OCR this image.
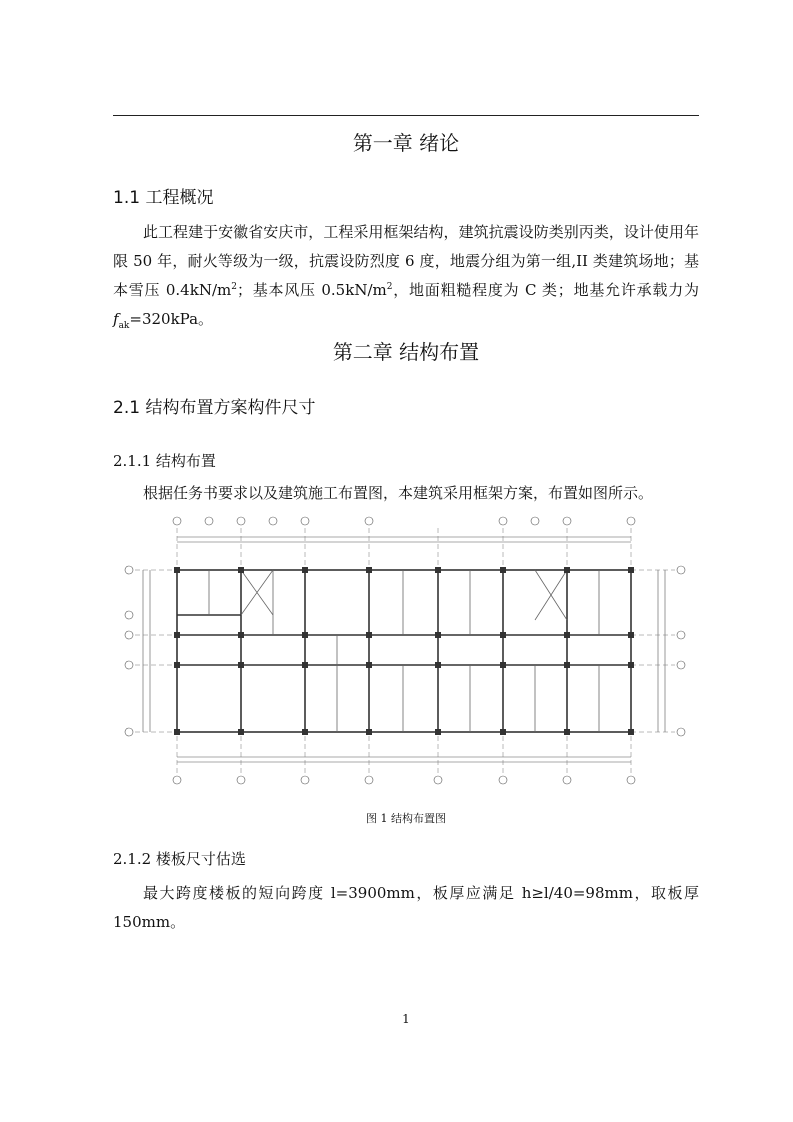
第一章 绪论
1.1 工程概况
此工程建于安徽省安庆市，工程采用框架结构，建筑抗震设防类别丙类，设计使用年限 50 年，耐火等级为一级，抗震设防烈度 6 度，地震分组为第一组,II 类建筑场地；基本雪压 $0.4kN/m^2$；基本风压 $0.5kN/m^2$，地面粗糙程度为 C 类；地基允许承载力为 $f_{ak}=320kPa$。
第二章 结构布置
2.1 结构布置方案构件尺寸
2.1.1 结构布置
根据任务书要求以及建筑施工布置图，本建筑采用框架方案，布置如图所示。
图 1 结构布置图
2.1.2 楼板尺寸估选
最大跨度楼板的短向跨度 l=3900mm，板厚应满足 h≥l/40=98mm，取板厚 150mm。
1
